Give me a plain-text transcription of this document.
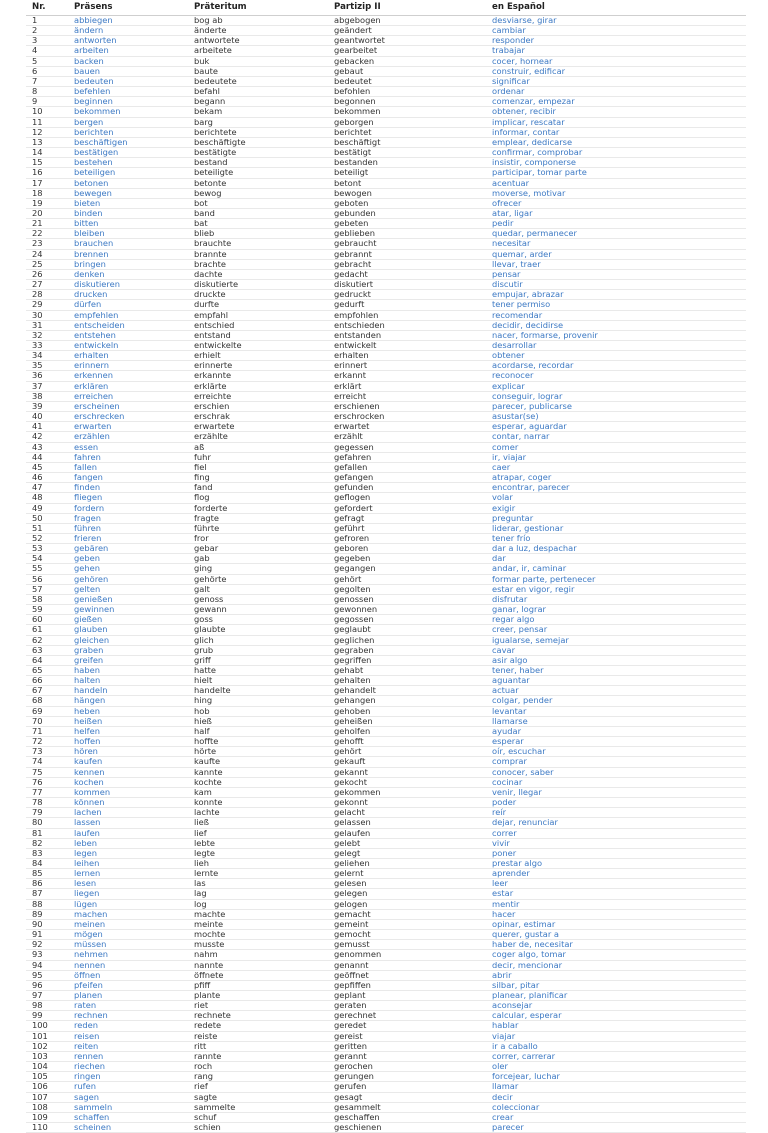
Nr.	Präsens	Präteritum	Partizip II	en Español
1	abbiegen	bog ab	abgebogen	desviarse, girar
2	ändern	änderte	geändert	cambiar
3	antworten	antwortete	geantwortet	responder
4	arbeiten	arbeitete	gearbeitet	trabajar
5	backen	buk	gebacken	cocer, hornear
6	bauen	baute	gebaut	construir, edificar
7	bedeuten	bedeutete	bedeutet	significar
8	befehlen	befahl	befohlen	ordenar
9	beginnen	begann	begonnen	comenzar, empezar
10	bekommen	bekam	bekommen	obtener, recibir
11	bergen	barg	geborgen	implicar, rescatar
12	berichten	berichtete	berichtet	informar, contar
13	beschäftigen	beschäftigte	beschäftigt	emplear, dedicarse
14	bestätigen	bestätigte	bestätigt	confirmar, comprobar
15	bestehen	bestand	bestanden	insistir, componerse
16	beteiligen	beteiligte	beteiligt	participar, tomar parte
17	betonen	betonte	betont	acentuar
18	bewegen	bewog	bewogen	moverse, motivar
19	bieten	bot	geboten	ofrecer
20	binden	band	gebunden	atar, ligar
21	bitten	bat	gebeten	pedir
22	bleiben	blieb	geblieben	quedar, permanecer
23	brauchen	brauchte	gebraucht	necesitar
24	brennen	brannte	gebrannt	quemar, arder
25	bringen	brachte	gebracht	llevar, traer
26	denken	dachte	gedacht	pensar
27	diskutieren	diskutierte	diskutiert	discutir
28	drucken	druckte	gedruckt	empujar, abrazar
29	dürfen	durfte	gedurft	tener permiso
30	empfehlen	empfahl	empfohlen	recomendar
31	entscheiden	entschied	entschieden	decidir, decidirse
32	entstehen	entstand	entstanden	nacer, formarse, provenir
33	entwickeln	entwickelte	entwickelt	desarrollar
34	erhalten	erhielt	erhalten	obtener
35	erinnern	erinnerte	erinnert	acordarse, recordar
36	erkennen	erkannte	erkannt	reconocer
37	erklären	erklärte	erklärt	explicar
38	erreichen	erreichte	erreicht	conseguir, lograr
39	erscheinen	erschien	erschienen	parecer, publicarse
40	erschrecken	erschrak	erschrocken	asustar(se)
41	erwarten	erwartete	erwartet	esperar, aguardar
42	erzählen	erzählte	erzählt	contar, narrar
43	essen	aß	gegessen	comer
44	fahren	fuhr	gefahren	ir, viajar
45	fallen	fiel	gefallen	caer
46	fangen	fing	gefangen	atrapar, coger
47	finden	fand	gefunden	encontrar, parecer
48	fliegen	flog	geflogen	volar
49	fordern	forderte	gefordert	exigir
50	fragen	fragte	gefragt	preguntar
51	führen	führte	geführt	liderar, gestionar
52	frieren	fror	gefroren	tener frío
53	gebären	gebar	geboren	dar a luz, despachar
54	geben	gab	gegeben	dar
55	gehen	ging	gegangen	andar, ir, caminar
56	gehören	gehörte	gehört	formar parte, pertenecer
57	gelten	galt	gegolten	estar en vigor, regir
58	genießen	genoss	genossen	disfrutar
59	gewinnen	gewann	gewonnen	ganar, lograr
60	gießen	goss	gegossen	regar algo
61	glauben	glaubte	geglaubt	creer, pensar
62	gleichen	glich	geglichen	igualarse, semejar
63	graben	grub	gegraben	cavar
64	greifen	griff	gegriffen	asir algo
65	haben	hatte	gehabt	tener, haber
66	halten	hielt	gehalten	aguantar
67	handeln	handelte	gehandelt	actuar
68	hängen	hing	gehangen	colgar, pender
69	heben	hob	gehoben	levantar
70	heißen	hieß	geheißen	llamarse
71	helfen	half	geholfen	ayudar
72	hoffen	hoffte	gehofft	esperar
73	hören	hörte	gehört	oír, escuchar
74	kaufen	kaufte	gekauft	comprar
75	kennen	kannte	gekannt	conocer, saber
76	kochen	kochte	gekocht	cocinar
77	kommen	kam	gekommen	venir, llegar
78	können	konnte	gekonnt	poder
79	lachen	lachte	gelacht	reír
80	lassen	ließ	gelassen	dejar, renunciar
81	laufen	lief	gelaufen	correr
82	leben	lebte	gelebt	vivir
83	legen	legte	gelegt	poner
84	leihen	lieh	geliehen	prestar algo
85	lernen	lernte	gelernt	aprender
86	lesen	las	gelesen	leer
87	liegen	lag	gelegen	estar
88	lügen	log	gelogen	mentir
89	machen	machte	gemacht	hacer
90	meinen	meinte	gemeint	opinar, estimar
91	mögen	mochte	gemocht	querer, gustar a
92	müssen	musste	gemusst	haber de, necesitar
93	nehmen	nahm	genommen	coger algo, tomar
94	nennen	nannte	genannt	decir, mencionar
95	öffnen	öffnete	geöffnet	abrir
96	pfeifen	pfiff	gepfiffen	silbar, pitar
97	planen	plante	geplant	planear, planificar
98	raten	riet	geraten	aconsejar
99	rechnen	rechnete	gerechnet	calcular, esperar
100	reden	redete	geredet	hablar
101	reisen	reiste	gereist	viajar
102	reiten	ritt	geritten	ir a caballo
103	rennen	rannte	gerannt	correr, carrerar
104	riechen	roch	gerochen	oler
105	ringen	rang	gerungen	forcejear, luchar
106	rufen	rief	gerufen	llamar
107	sagen	sagte	gesagt	decir
108	sammeln	sammelte	gesammelt	coleccionar
109	schaffen	schuf	geschaffen	crear
110	scheinen	schien	geschienen	parecer
